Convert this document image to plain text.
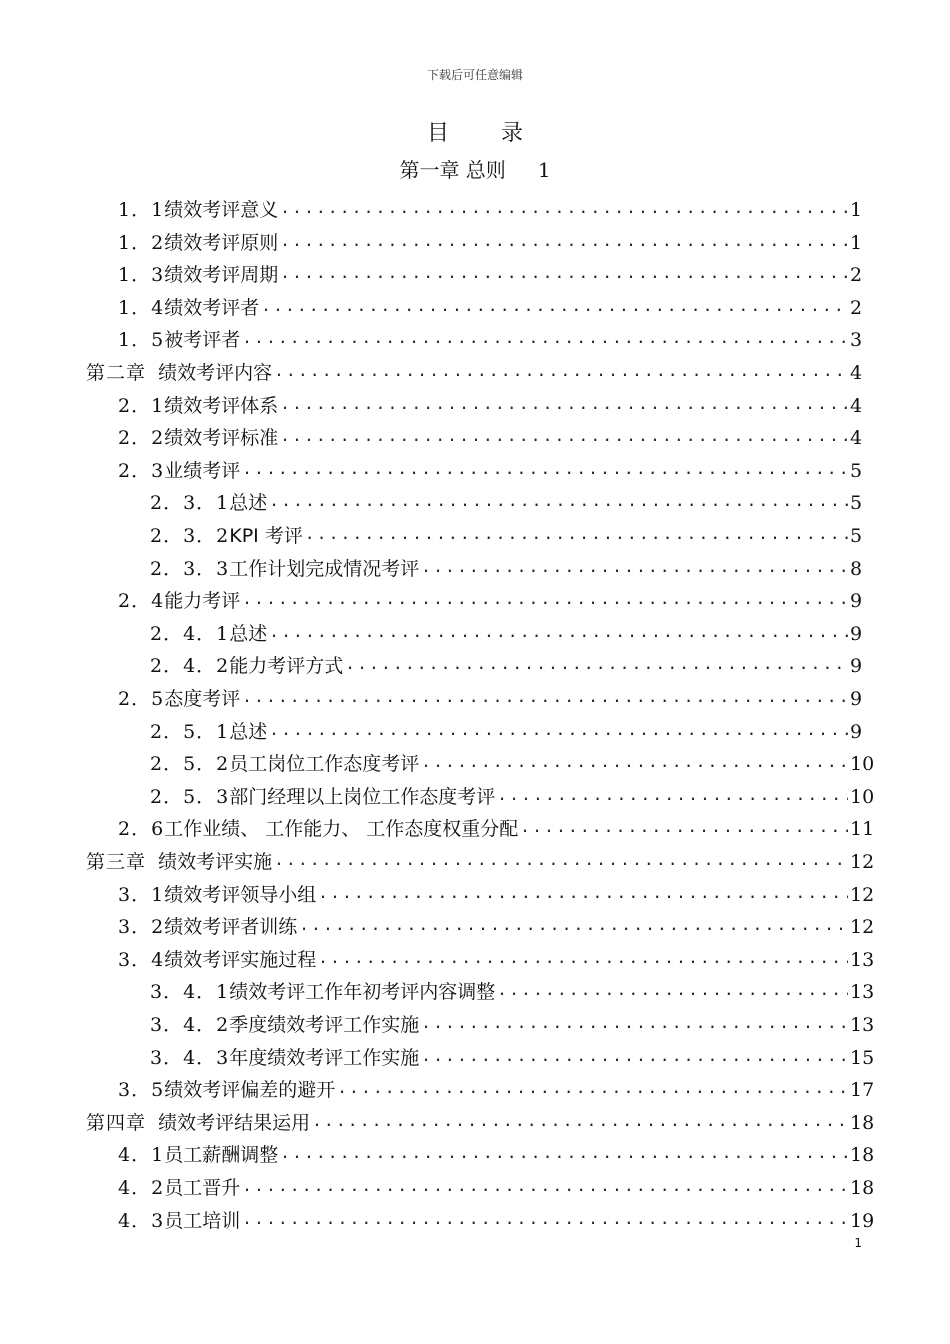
下载后可任意编辑
目 录
第一章 总则 1
1．1 绩效考评意义 .....	1
1．2 绩效考评原则 .....	1
1．3 绩效考评周期 .....	2
1．4 绩效考评者 .....	2
1．5 被考评者 .....	3
第二章 绩效考评内容 .....	4
2．1 绩效考评体系 .....	4
2．2 绩效考评标准 .....	4
2．3 业绩考评 .....	5
2．3．1 总述 .....	5
2．3．2 KPI 考评 .....	5
2．3．3 工作计划完成情况考评 .....	8
2．4 能力考评 .....	9
2．4．1 总述 .....	9
2．4．2 能力考评方式 .....	9
2．5 态度考评 .....	9
2．5．1 总述 .....	9
2．5．2 员工岗位工作态度考评 .....	10
2．5．3 部门经理以上岗位工作态度考评 .....	10
2．6 工作业绩、 工作能力、 工作态度权重分配 .....	11
第三章 绩效考评实施 .....	12
3．1 绩效考评领导小组 .....	12
3．2 绩效考评者训练 .....	12
3．4 绩效考评实施过程 .....	13
3．4．1 绩效考评工作年初考评内容调整 .....	13
3．4．2 季度绩效考评工作实施 .....	13
3．4．3 年度绩效考评工作实施 .....	15
3．5 绩效考评偏差的避开 .....	17
第四章 绩效考评结果运用 .....	18
4．1 员工薪酬调整 .....	18
4．2 员工晋升 .....	18
4．3 员工培训 .....	19
1
